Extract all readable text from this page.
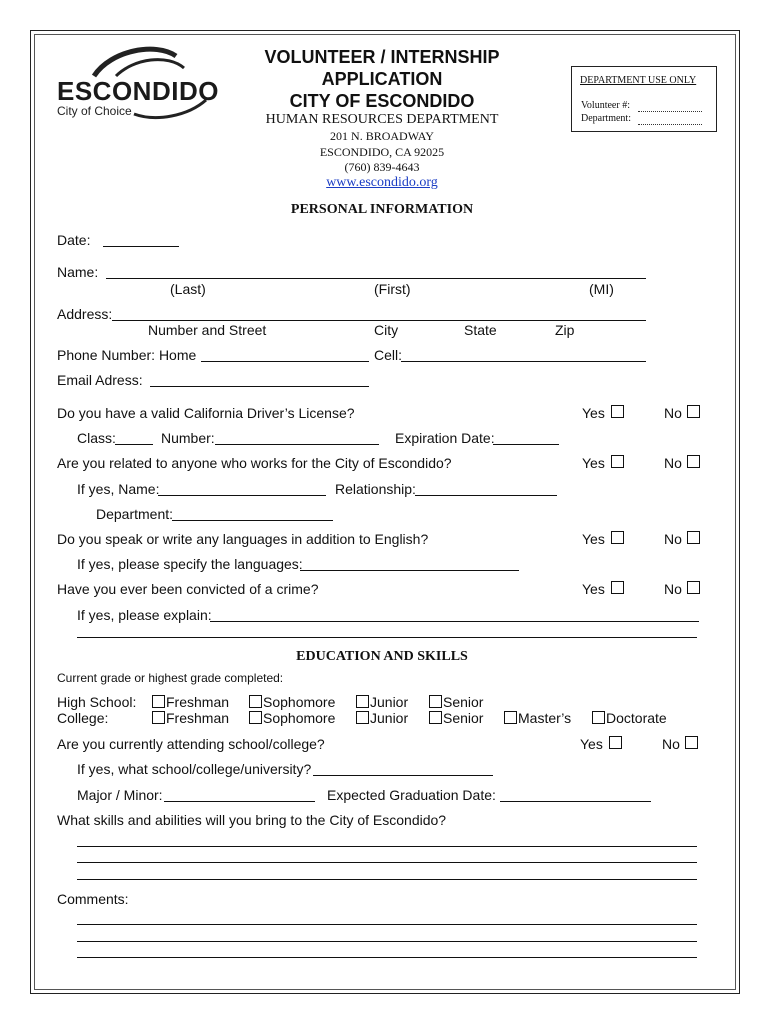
ESCONDIDO
City of Choice
VOLUNTEER / INTERNSHIP
APPLICATION
CITY OF ESCONDIDO
HUMAN RESOURCES DEPARTMENT
201 N. BROADWAY
ESCONDIDO, CA 92025
(760) 839-4643
www.escondido.org
DEPARTMENT USE ONLY
Volunteer #:
Department:
PERSONAL INFORMATION
Date:
Name:
(Last)	(First)	(MI)
Address:
Number and Street	City	State	Zip
Phone Number: Home	Cell:
Email Adress:
Do you have a valid California Driver’s License?	Yes	No
Class:	Number:	Expiration Date:
Are you related to anyone who works for the City of Escondido?	Yes	No
If yes, Name:	Relationship:
Department:
Do you speak or write any languages in addition to English?	Yes	No
If yes, please specify the languages:
Have you ever been convicted of a crime?	Yes	No
If yes, please explain:
EDUCATION AND SKILLS
Current grade or highest grade completed:
High School: Freshman Sophomore Junior Senior
College:	Freshman Sophomore Junior Senior Master’s Doctorate
Are you currently attending school/college?	Yes	No
If yes, what school/college/university?
Major / Minor:	Expected Graduation Date:
What skills and abilities will you bring to the City of Escondido?
Comments:
